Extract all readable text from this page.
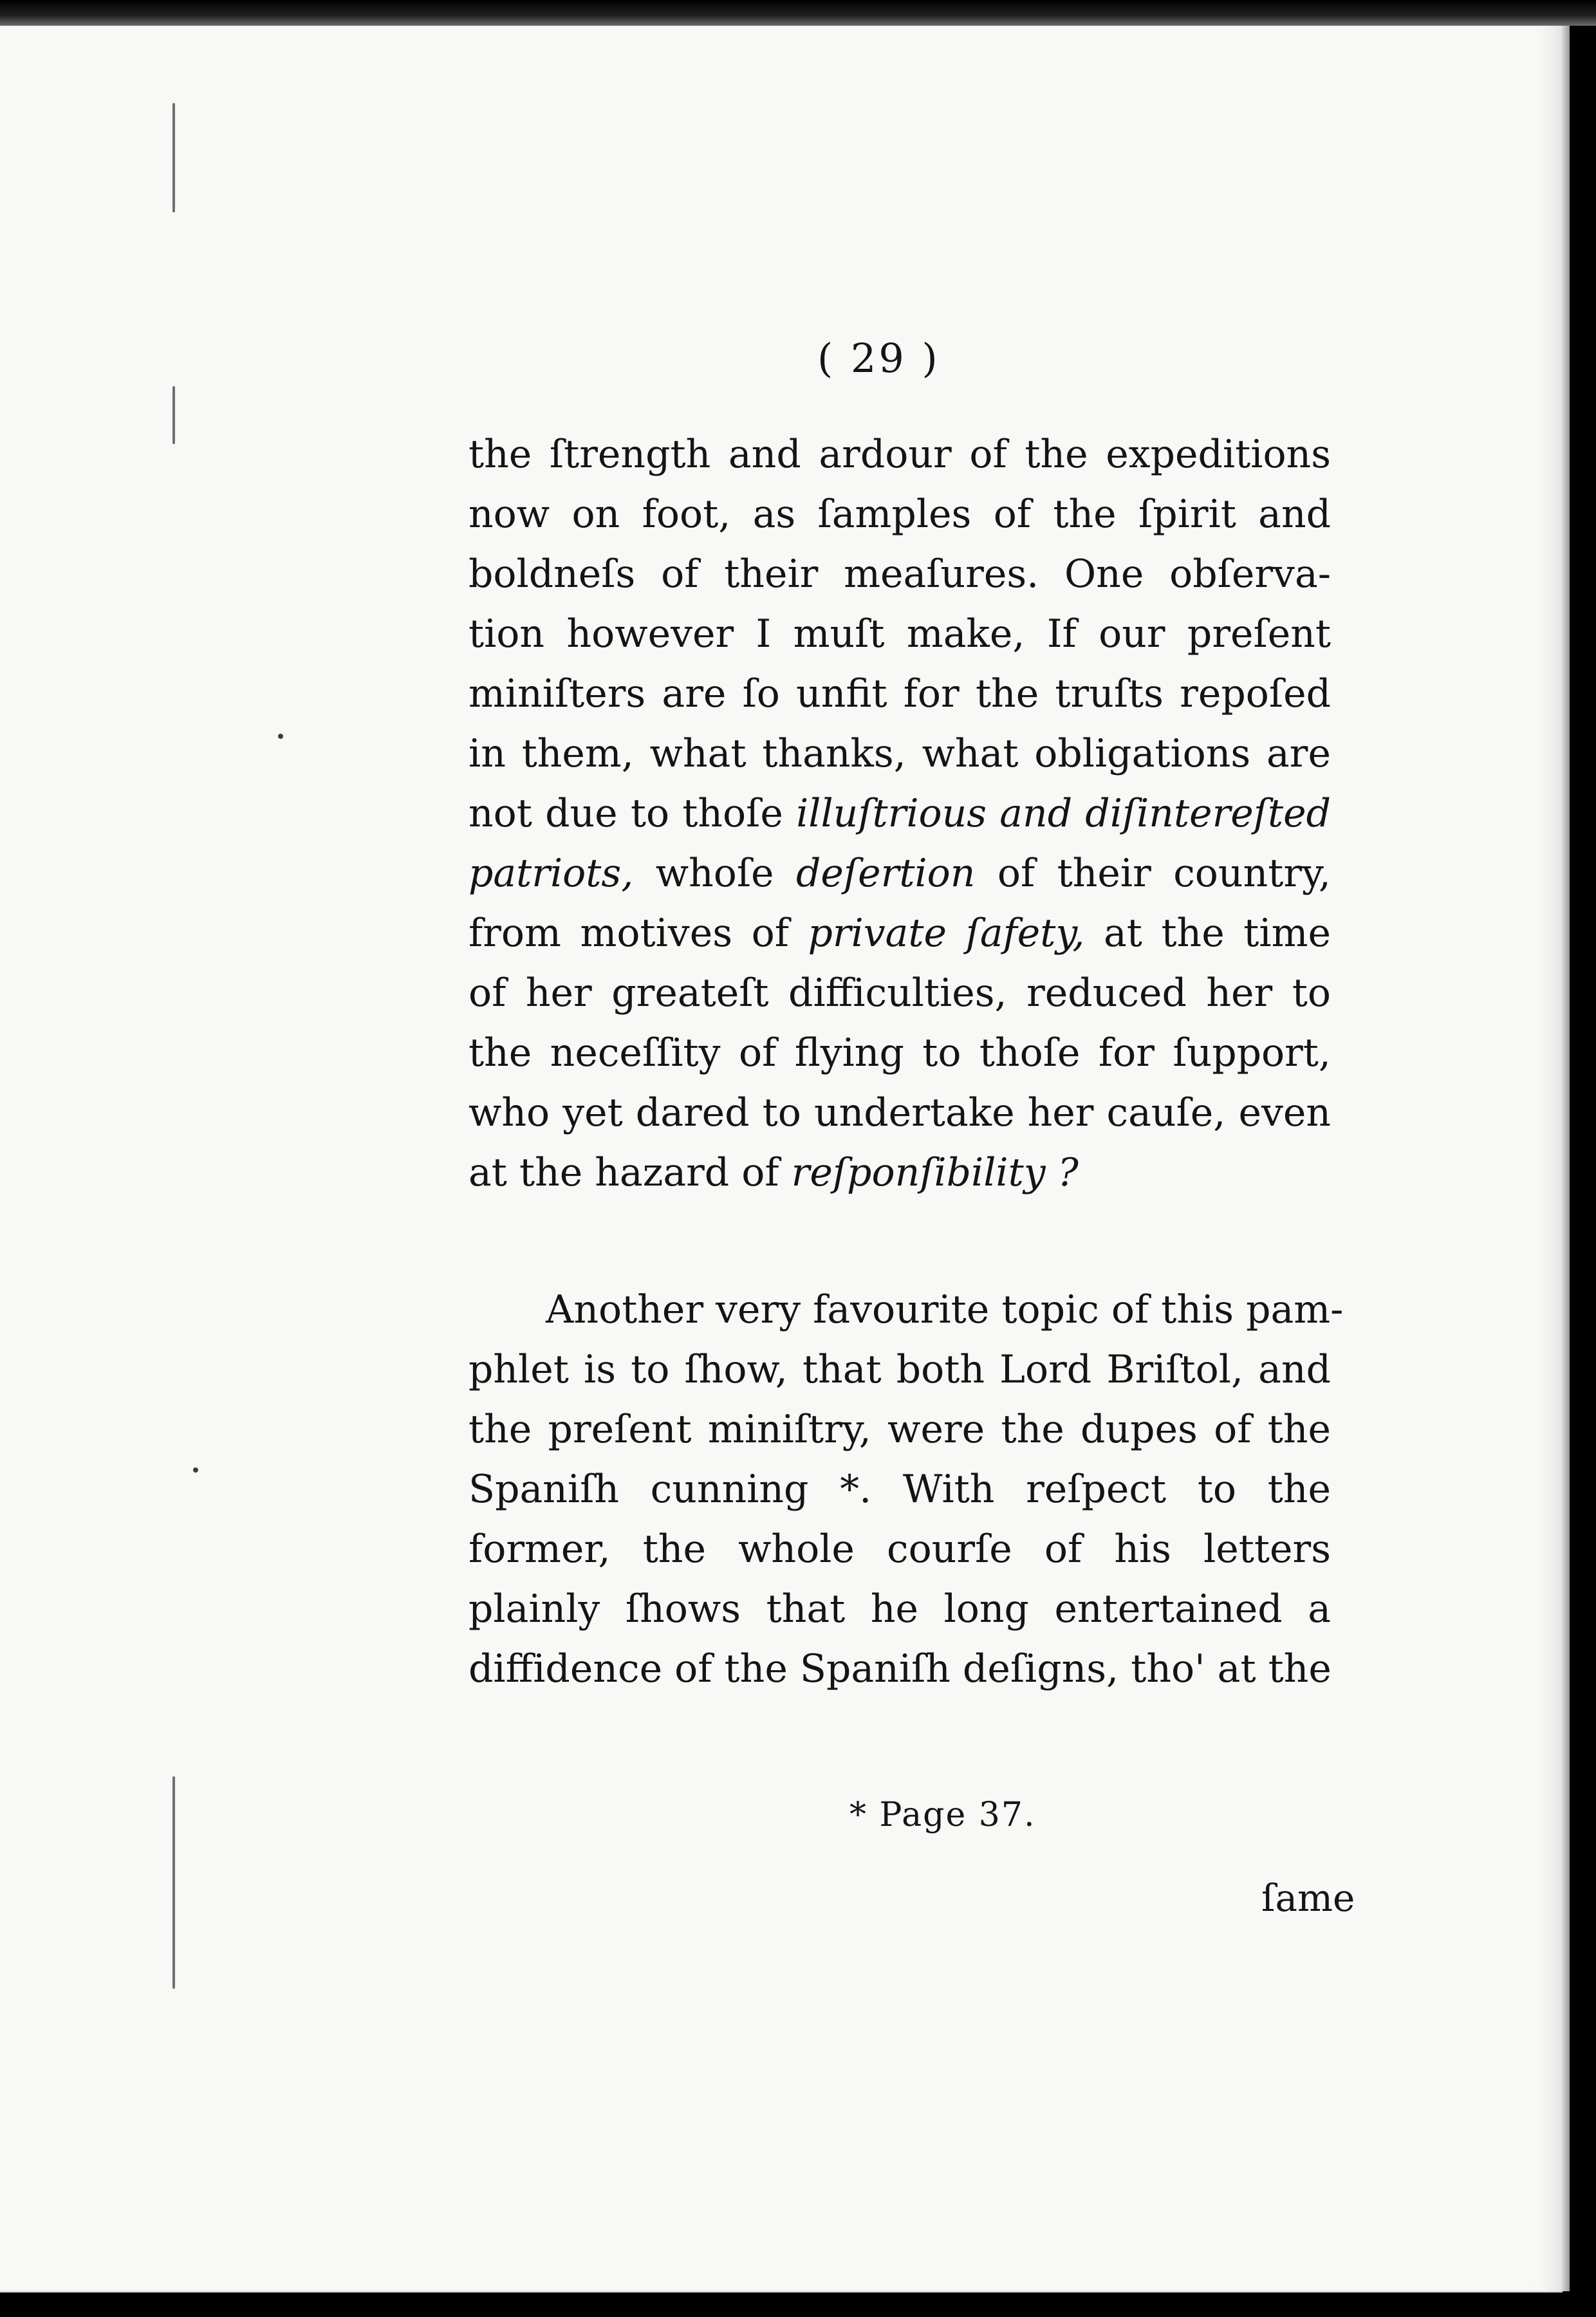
( 29 )
the ſtrength and ardour of the expeditions
now on foot, as ſamples of the ſpirit and
boldneſs of their meaſures. One obſerva-
tion however I muſt make, If our preſent
miniſters are ſo unfit for the truſts repoſed
in them, what thanks, what obligations are
not due to thoſe illuſtrious and diſintereſted
patriots, whoſe deſertion of their country,
from motives of private ſafety, at the time
of her greateſt difficulties, reduced her to
the neceſſity of flying to thoſe for ſupport,
who yet dared to undertake her cauſe, even
at the hazard of reſponſibility ?
Another very favourite topic of this pam-
phlet is to ſhow, that both Lord Briſtol, and
the preſent miniſtry, were the dupes of the
Spaniſh cunning *. With reſpect to the
former, the whole courſe of his letters
plainly ſhows that he long entertained a
diffidence of the Spaniſh deſigns, tho' at the
* Page 37.
ſame
